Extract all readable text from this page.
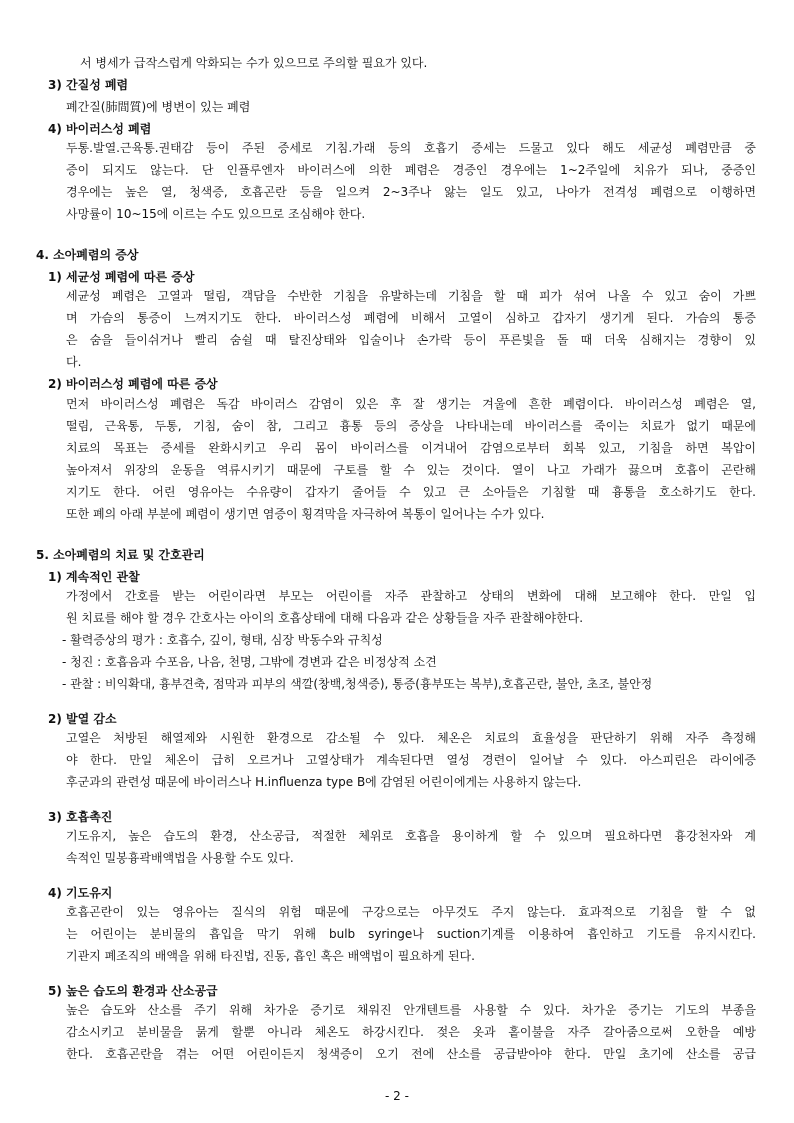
서 병세가 급작스럽게 악화되는 수가 있으므로 주의할 필요가 있다.
3) 간질성 폐렴
폐간질(肺間質)에 병변이 있는 폐렴
4) 바이러스성 폐렴
두통.발열.근육통.권태감 등이 주된 증세로 기침.가래 등의 호흡기 증세는 드물고 있다 해도 세균성 폐렴만큼 중
증이 되지도 않는다. 단 인플루엔자 바이러스에 의한 폐렴은 경증인 경우에는 1~2주일에 치유가 되나, 중증인
경우에는 높은 열, 청색증, 호흡곤란 등을 일으켜 2~3주나 앓는 일도 있고, 나아가 전격성 폐렴으로 이행하면
사망률이 10~15에 이르는 수도 있으므로 조심해야 한다.
4. 소아폐렴의 증상
1) 세균성 폐렴에 따른 증상
세균성 폐렴은 고열과 떨림, 객담을 수반한 기침을 유발하는데 기침을 할 때 피가 섞여 나올 수 있고 숨이 가쁘
며 가슴의 통증이 느껴지기도 한다. 바이러스성 폐렴에 비해서 고열이 심하고 갑자기 생기게 된다. 가슴의 통증
은 숨을 들이쉬거나 빨리 숨쉴 때 탈진상태와 입술이나 손가락 등이 푸른빛을 돌 때 더욱 심해지는 경향이 있
다.
2) 바이러스성 폐렴에 따른 증상
먼저 바이러스성 폐렴은 독감 바이러스 감염이 있은 후 잘 생기는 겨울에 흔한 폐렴이다. 바이러스성 폐렴은 열,
떨림, 근육통, 두통, 기침, 숨이 참, 그리고 흉통 등의 증상을 나타내는데 바이러스를 죽이는 치료가 없기 때문에
치료의 목표는 증세를 완화시키고 우리 몸이 바이러스를 이겨내어 감염으로부터 회복 있고, 기침을 하면 복압이
높아져서 위장의 운동을 역류시키기 때문에 구토를 할 수 있는 것이다. 열이 나고 가래가 끓으며 호흡이 곤란해
지기도 한다. 어린 영유아는 수유량이 갑자기 줄어들 수 있고 큰 소아들은 기침할 때 흉통을 호소하기도 한다.
또한 폐의 아래 부분에 폐렴이 생기면 염증이 횡격막을 자극하여 복통이 일어나는 수가 있다.
5. 소아폐렴의 치료 및 간호관리
1) 계속적인 관찰
가정에서 간호를 받는 어린이라면 부모는 어린이를 자주 관찰하고 상태의 변화에 대해 보고해야 한다. 만일 입
원 치료를 해야 할 경우 간호사는 아이의 호흡상태에 대해 다음과 같은 상황들을 자주 관찰해야한다.
- 활력증상의 평가 : 호흡수, 깊이, 형태, 심장 박동수와 규칙성
- 청진 : 호흡음과 수포음, 나음, 천명, 그밖에 경변과 같은 비정상적 소견
- 관찰 : 비익확대, 흉부견축, 점막과 피부의 색깔(창백,청색증), 통증(흉부또는 복부),호흡곤란, 불안, 초조, 불안정
2) 발열 감소
고열은 처방된 해열제와 시원한 환경으로 감소될 수 있다. 체온은 치료의 효율성을 판단하기 위해 자주 측정해
야 한다. 만일 체온이 급히 오르거나 고열상태가 계속된다면 열성 경련이 일어날 수 있다. 아스피린은 라이에증
후군과의 관련성 때문에 바이러스나 H.influenza type B에 감염된 어린이에게는 사용하지 않는다.
3) 호흡촉진
기도유지, 높은 습도의 환경, 산소공급, 적절한 체위로 호흡을 용이하게 할 수 있으며 필요하다면 흉강천자와 계
속적인 밀봉흉곽배액법을 사용할 수도 있다.
4) 기도유지
호흡곤란이 있는 영유아는 질식의 위험 때문에 구강으로는 아무것도 주지 않는다. 효과적으로 기침을 할 수 없
는 어린이는 분비물의 흡입을 막기 위해 bulb syringe나 suction기계를 이용하여 흡인하고 기도를 유지시킨다.
기관지 폐조직의 배액을 위해 타진법, 진동, 흡인 혹은 배액법이 필요하게 된다.
5) 높은 습도의 환경과 산소공급
높은 습도와 산소를 주기 위해 차가운 증기로 채워진 안개텐트를 사용할 수 있다. 차가운 증기는 기도의 부종을
감소시키고 분비물을 묽게 할뿐 아니라 체온도 하강시킨다. 젖은 옷과 홑이불을 자주 갈아줌으로써 오한을 예방
한다. 호흡곤란을 겪는 어떤 어린이든지 청색증이 오기 전에 산소를 공급받아야 한다. 만일 초기에 산소를 공급
- 2 -
